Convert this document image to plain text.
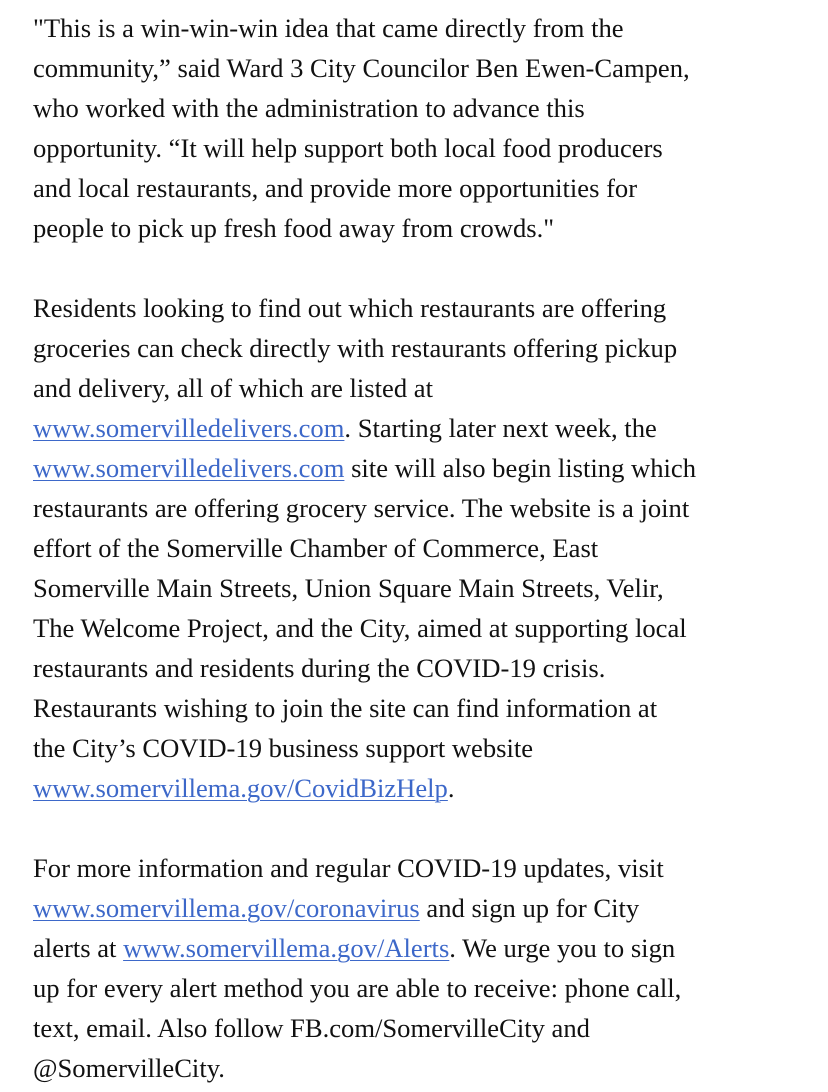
"This is a win-win-win idea that came directly from the
community,” said Ward 3 City Councilor Ben Ewen-Campen,
who worked with the administration to advance this
opportunity. “It will help support both local food producers
and local restaurants, and provide more opportunities for
people to pick up fresh food away from crowds."

Residents looking to find out which restaurants are offering
groceries can check directly with restaurants offering pickup
and delivery, all of which are listed at
www.somervilledelivers.com. Starting later next week, the
www.somervilledelivers.com site will also begin listing which
restaurants are offering grocery service. The website is a joint
effort of the Somerville Chamber of Commerce, East
Somerville Main Streets, Union Square Main Streets, Velir,
The Welcome Project, and the City, aimed at supporting local
restaurants and residents during the COVID-19 crisis.
Restaurants wishing to join the site can find information at
the City’s COVID-19 business support website
www.somervillema.gov/CovidBizHelp.

For more information and regular COVID-19 updates, visit
www.somervillema.gov/coronavirus and sign up for City
alerts at www.somervillema.gov/Alerts. We urge you to sign
up for every alert method you are able to receive: phone call,
text, email. Also follow FB.com/SomervilleCity and
@SomervilleCity.
